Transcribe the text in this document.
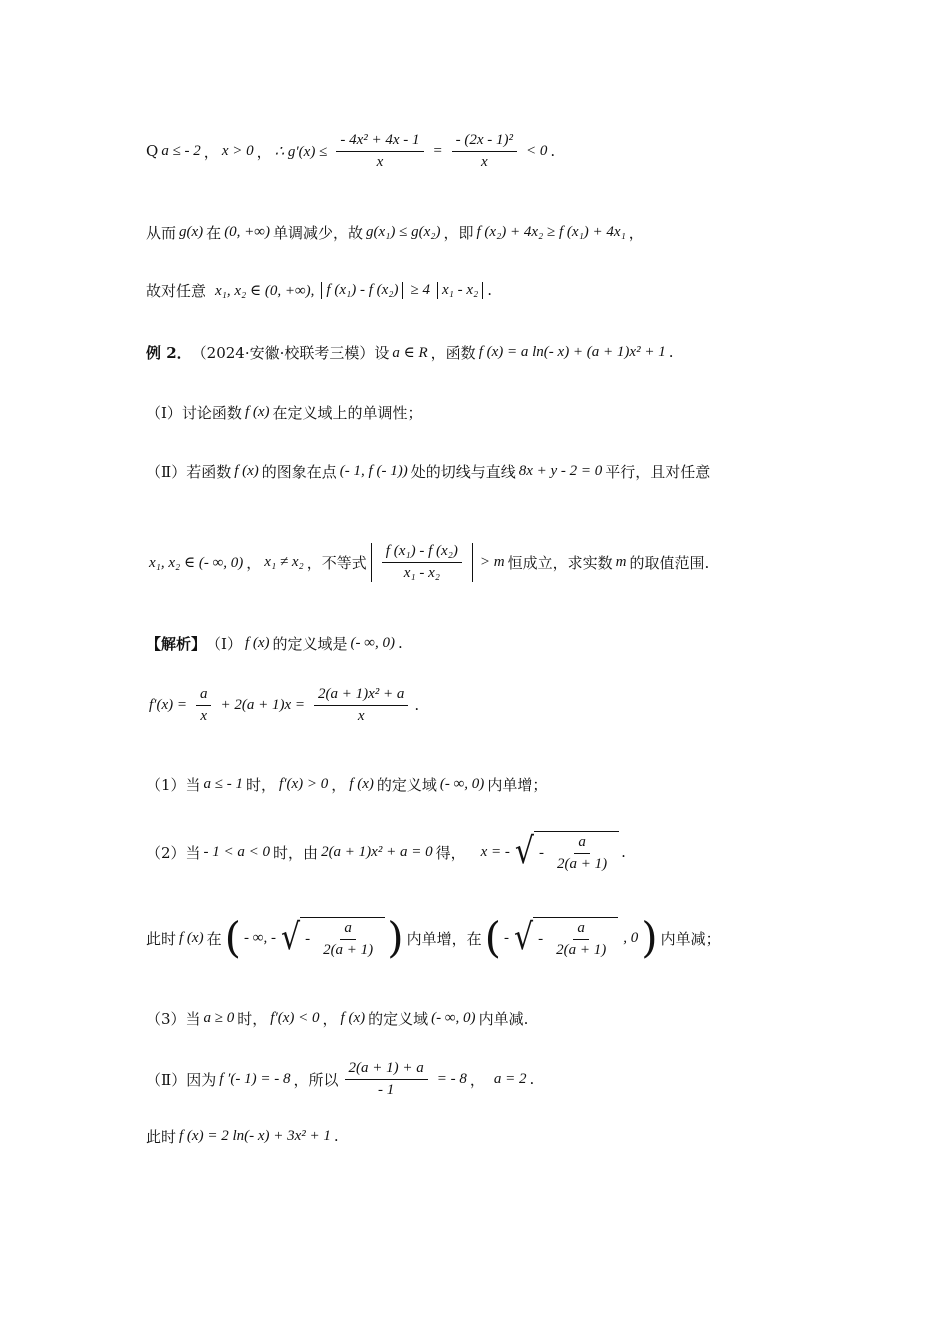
Q a ≤ - 2 ， x > 0 ， ∴ $g'(x) \le \frac{\text{- 4x² + 4x - 1}}{x} = \frac{\text{- (2x - 1)²}}{x} < 0$ .
从而 g(x) 在 (0, +∞) 单调减少，故 g(x₁) ≤ g(x₂) ，即 f (x₂) + 4x₂ ≥ f (x₁) + 4x₁ ，
故对任意 x₁, x₂ ∈ (0, +∞), f (x₁) - f (x₂) ≥ 4 x₁ - x₂ .
例 2． （2024·安徽·校联考三模）设 a ∈ R ，函数 f (x) = a ln(- x) + (a + 1)x² + 1 .
（Ⅰ）讨论函数 f (x) 在定义域上的单调性；
（Ⅱ）若函数 f (x) 的图象在点 (- 1, f (- 1)) 处的切线与直线 8x + y - 2 = 0 平行，且对任意
x₁, x₂ ∈ (- ∞, 0) ， x₁ ≠ x₂ ，不等式 $\frac{\text{f (x₁) - f (x₂)}}{\text{x₁ - x₂}} > m$ 恒成立，求实数 m 的取值范围.
【解析】 （Ⅰ） f (x) 的定义域是 (- ∞, 0) .
$f'(x) = \frac{a}{x} + 2(a + 1)x = \frac{\text{2(a + 1)x² + a}}{x}$ .
（1）当 a ≤ - 1 时， f′(x) > 0 ， f (x) 的定义域 (- ∞, 0) 内单增；
（2）当 - 1 < a < 0 时，由 2(a + 1)x² + a = 0 得， x = - √ - $\frac{a}{2(a + 1)}$ .
此时 f (x) 在 ( - ∞, - √ - $\frac{a}{2(a + 1)}$ ) 内单增，在 ( - √ - $\frac{a}{2(a + 1)}$ , 0 ) 内单减；
（3）当 a ≥ 0 时， f′(x) < 0 ， f (x) 的定义域 (- ∞, 0) 内单减.
（Ⅱ）因为 f ′(- 1) = - 8 ，所以 $\frac{2(a + 1) + a}{- 1}$ = - 8 ， a = 2 .
此时 f (x) = 2 ln(- x) + 3x² + 1 .
